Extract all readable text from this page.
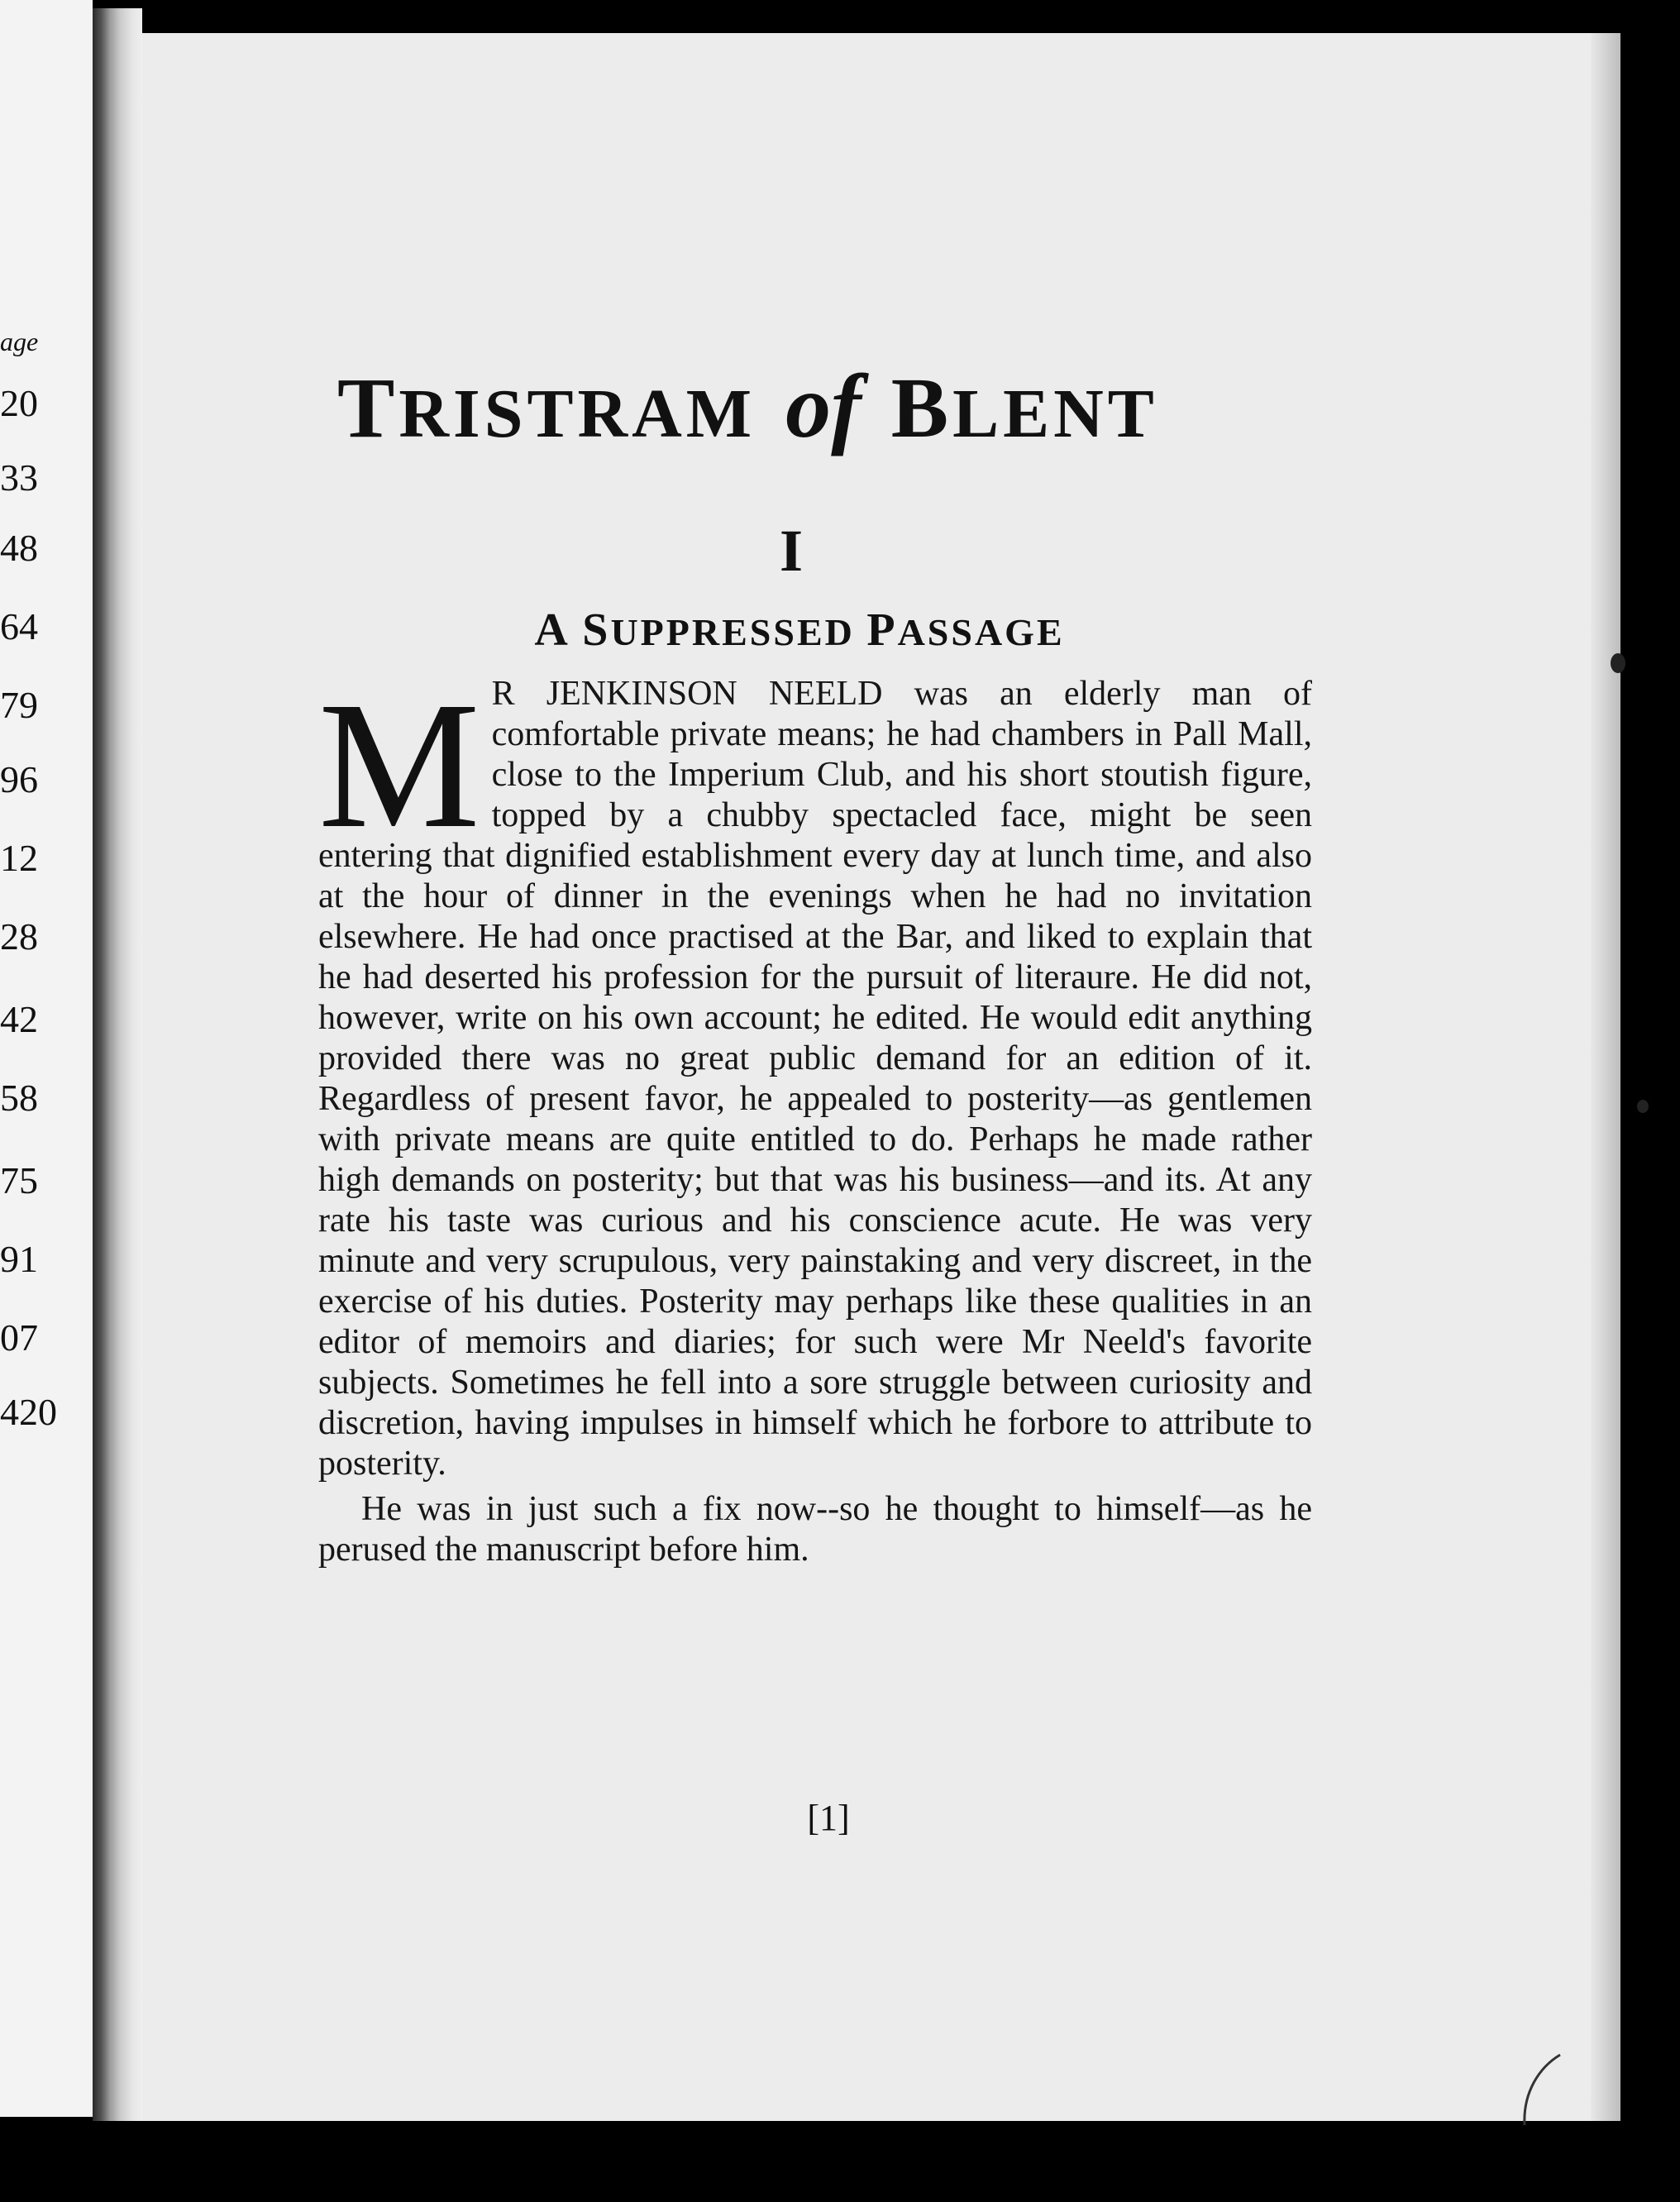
age
20
33
48
64
79
96
12
28
42
58
75
91
07
420
TRISTRAM of BLENT
I
A SUPPRESSED PASSAGE

M R JENKINSON NEELD was an elderly man of comfortable private means; he had chambers in Pall Mall, close to the Imperium Club, and his short stoutish figure, topped by a chubby spectacled face, might be seen entering that dignified establishment every day at lunch time, and also at the hour of dinner in the evenings when he had no invitation elsewhere. He had once practised at the Bar, and liked to explain that he had deserted his profession for the pursuit of literaure. He did not, however, write on his own account; he edited. He would edit anything provided there was no great public demand for an edition of it. Regardless of present favor, he appealed to posterity—as gentlemen with private means are quite entitled to do. Perhaps he made rather high demands on posterity; but that was his business—and its. At any rate his taste was curious and his conscience acute. He was very minute and very scrupulous, very painstaking and very discreet, in the exercise of his duties. Posterity may perhaps like these qualities in an editor of memoirs and diaries; for such were Mr Neeld's favorite subjects. Sometimes he fell into a sore struggle between curiosity and discretion, having impulses in himself which he forbore to attribute to posterity.

He was in just such a fix now--so he thought to himself—as he perused the manuscript before him.

[1]
